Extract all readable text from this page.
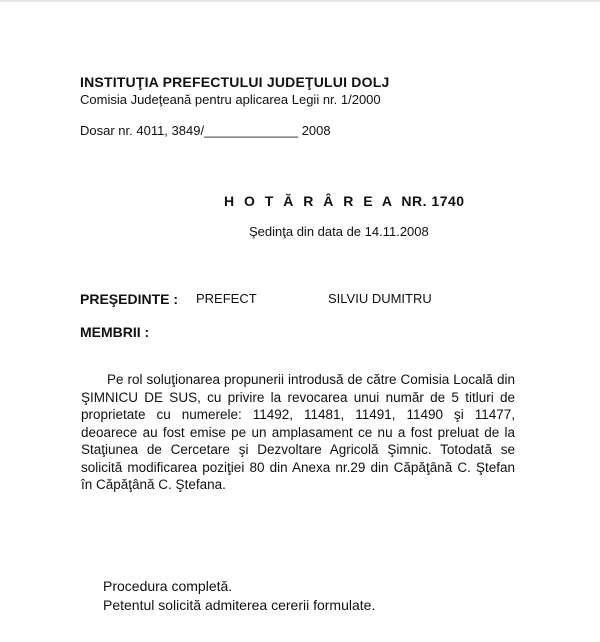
INSTITUŢIA PREFECTULUI JUDEŢULUI DOLJ
Comisia Judeţeană pentru aplicarea Legii nr. 1/2000
Dosar nr. 4011, 3849/_____________ 2008
H O T Ă R Â R E A NR. 1740
Şedinţa din data de 14.11.2008
PREŞEDINTE : PREFECT	SILVIU DUMITRU
MEMBRII :
Pe rol soluţionarea propunerii introdusă de către Comisia Locală din ŞIMNICU DE SUS, cu privire la revocarea unui număr de 5 titluri de proprietate cu numerele: 11492, 11481, 11491, 11490 şi 11477, deoarece au fost emise pe un amplasament ce nu a fost preluat de la Staţiunea de Cercetare şi Dezvoltare Agricolă Şimnic. Totodată se solicită modificarea poziţiei 80 din Anexa nr.29 din Căpăţână C. Ştefan în Căpăţână C. Ştefana.
Procedura completă.
Petentul solicită admiterea cererii formulate.
